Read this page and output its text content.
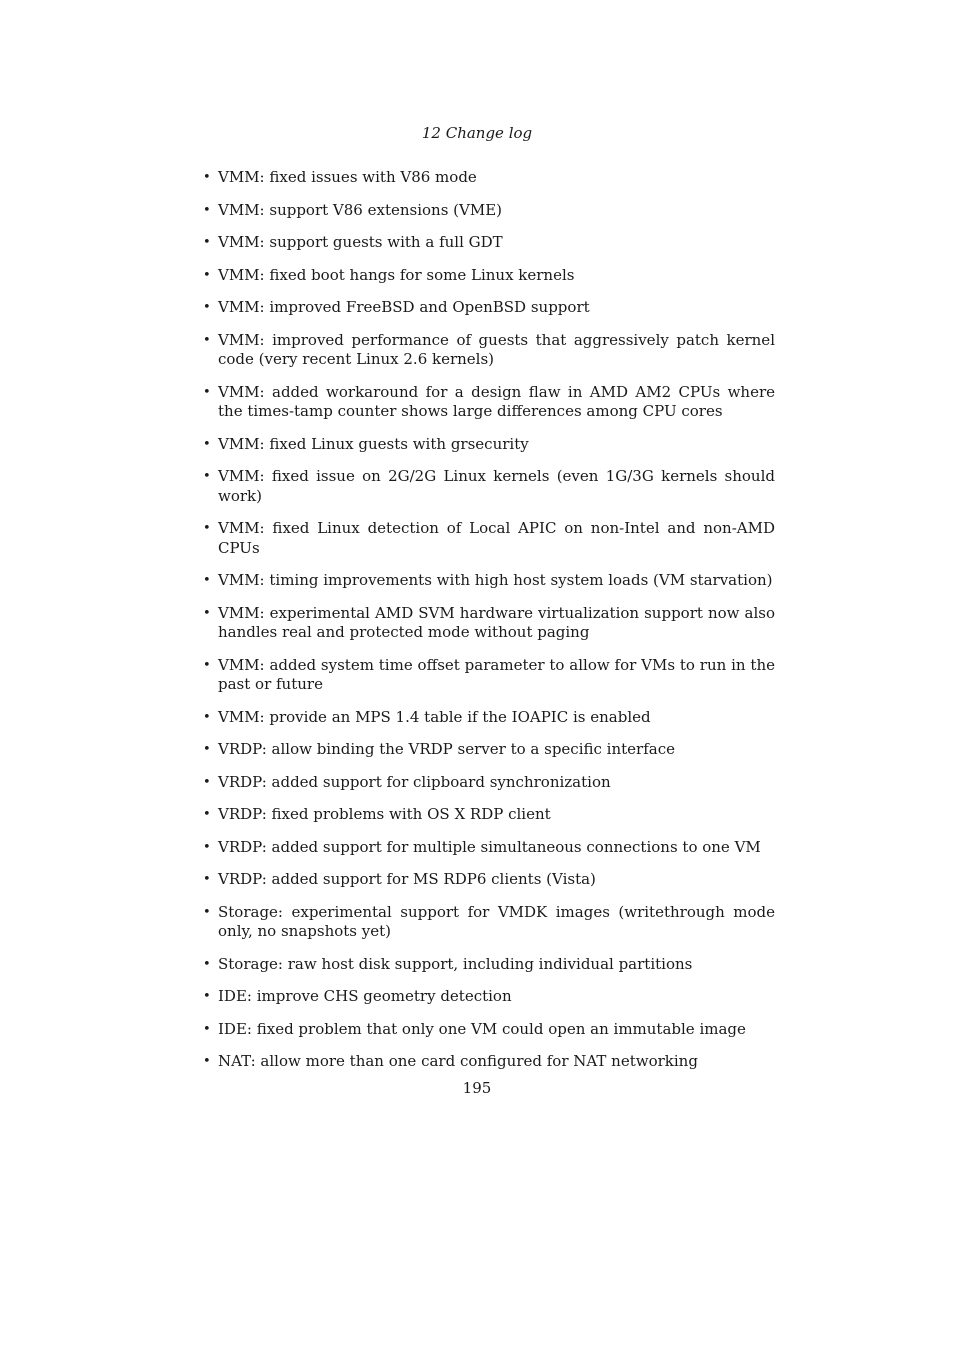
12 Change log
• VMM: fixed issues with V86 mode
• VMM: support V86 extensions (VME)
• VMM: support guests with a full GDT
• VMM: fixed boot hangs for some Linux kernels
• VMM: improved FreeBSD and OpenBSD support
• VMM: improved performance of guests that aggressively patch kernel code (very recent Linux 2.6 kernels)
• VMM: added workaround for a design flaw in AMD AM2 CPUs where the times-tamp counter shows large differences among CPU cores
• VMM: fixed Linux guests with grsecurity
• VMM: fixed issue on 2G/2G Linux kernels (even 1G/3G kernels should work)
• VMM: fixed Linux detection of Local APIC on non-Intel and non-AMD CPUs
• VMM: timing improvements with high host system loads (VM starvation)
• VMM: experimental AMD SVM hardware virtualization support now also handles real and protected mode without paging
• VMM: added system time offset parameter to allow for VMs to run in the past or future
• VMM: provide an MPS 1.4 table if the IOAPIC is enabled
• VRDP: allow binding the VRDP server to a specific interface
• VRDP: added support for clipboard synchronization
• VRDP: fixed problems with OS X RDP client
• VRDP: added support for multiple simultaneous connections to one VM
• VRDP: added support for MS RDP6 clients (Vista)
• Storage: experimental support for VMDK images (writethrough mode only, no snapshots yet)
• Storage: raw host disk support, including individual partitions
• IDE: improve CHS geometry detection
• IDE: fixed problem that only one VM could open an immutable image
• NAT: allow more than one card configured for NAT networking
195
